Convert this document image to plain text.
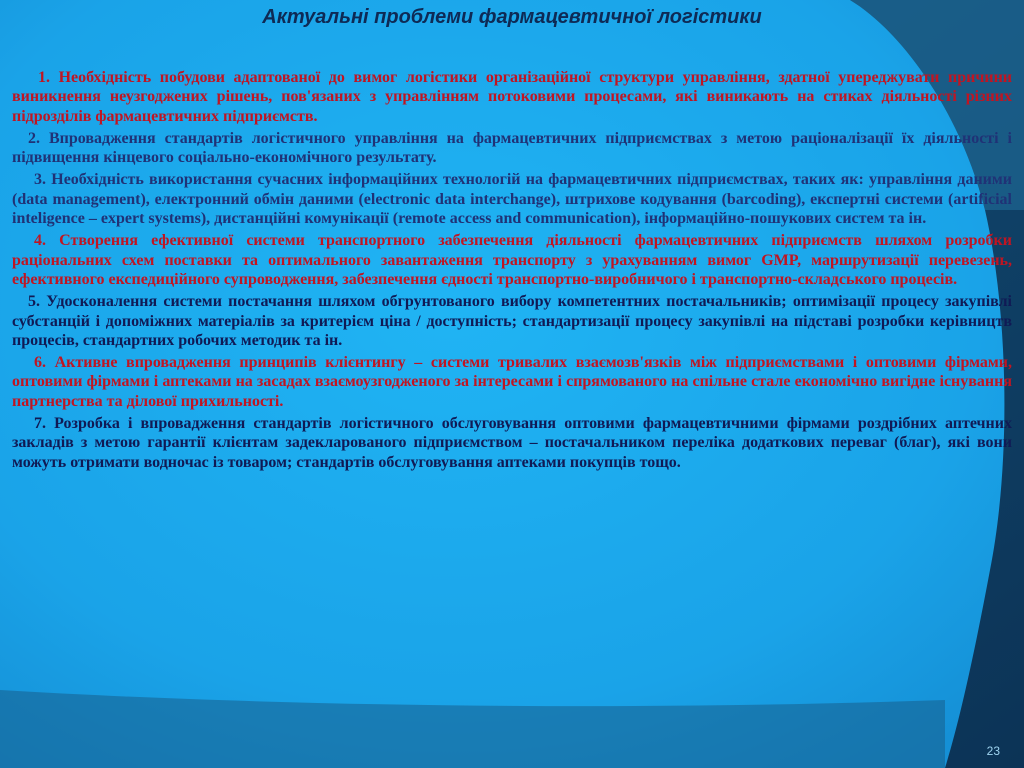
Актуальні проблеми фармацевтичної логістики

1. Необхідність побудови адаптованої до вимог логістики організаційної структури управління, здатної упереджувати причини виникнення неузгоджених рішень, пов'язаних з управлінням потоковими процесами, які виникають на стиках діяльності різних підрозділів фармацевтичних підприємств.

2. Впровадження стандартів логістичного управління на фармацевтичних підприємствах з метою раціоналізації їх діяльності і підвищення кінцевого соціально-економічного результату.

3. Необхідність використання сучасних інформаційних технологій на фармацевтичних підприємствах, таких як: управління даними (data management), електронний обмін даними (electronic data interchange), штрихове кодування (barcoding), експертні системи (artificial inteligence – expert systems), дистанційні комунікації (remote access and communication), інформаційно-пошукових систем та ін.

4. Створення ефективної системи транспортного забезпечення діяльності фармацевтичних підприємств шляхом розробки раціональних схем поставки та оптимального завантаження транспорту з урахуванням вимог GMP, маршрутизації перевезень, ефективного експедиційного супроводження, забезпечення єдності транспортно-виробничого і транспортно-складського процесів.

5. Удосконалення системи постачання шляхом обгрунтованого вибору компетентних постачальників; оптимізації процесу закупівлі субстанцій і допоміжних матеріалів за критерієм ціна / доступність; стандартизації процесу закупівлі на підставі розробки керівництв процесів, стандартних робочих методик та ін.

6. Активне впровадження принципів клієнтингу – системи тривалих взаємозв'язків між підприємствами і оптовими фірмами, оптовими фірмами і аптеками на засадах взаємоузгодженого за інтересами і спрямованого на спільне стале економічно вигідне існування партнерства та ділової прихильності.

7. Розробка і впровадження стандартів логістичного обслуговування оптовими фармацевтичними фірмами роздрібних аптечних закладів з метою гарантії клієнтам задекларованого підприємством – постачальником переліка додаткових переваг (благ), які вони можуть отримати водночас із товаром; стандартів обслуговування аптеками покупців тощо.

23
